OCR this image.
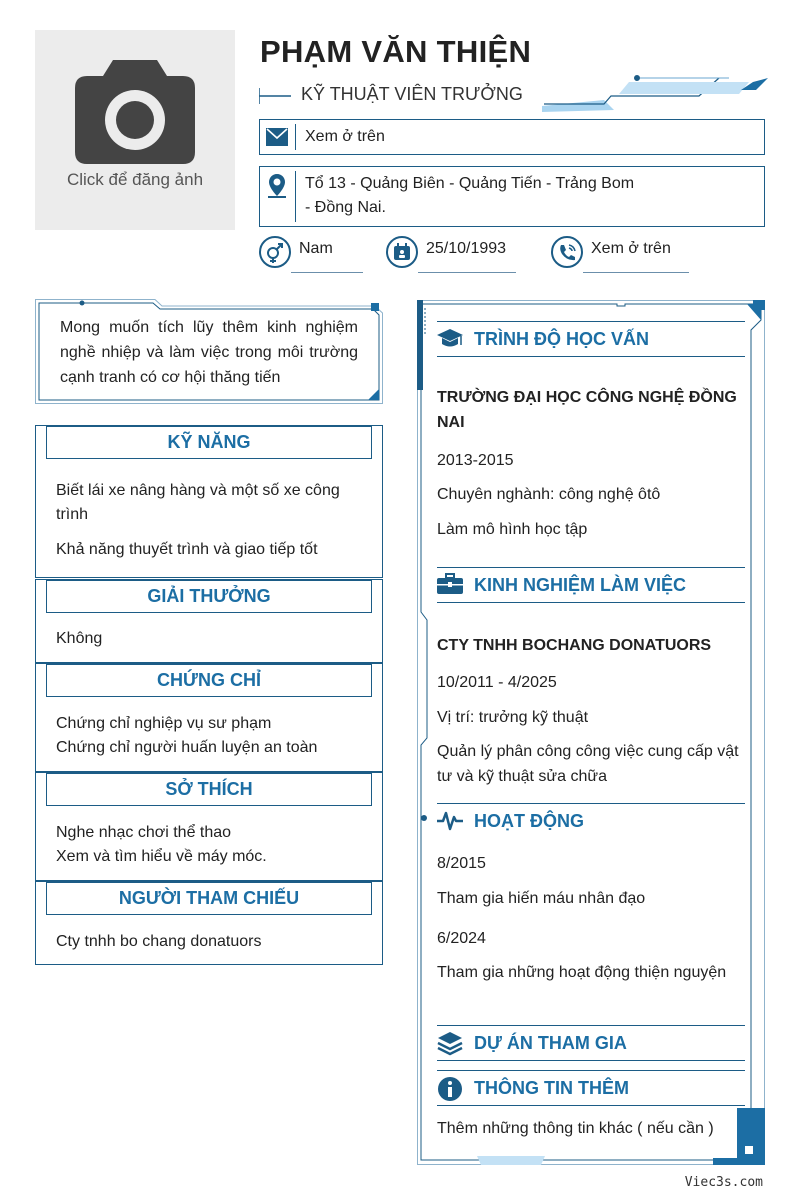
Click để đăng ảnh
PHẠM VĂN THIỆN
KỸ THUẬT VIÊN TRƯỞNG
Xem ở trên
Tổ 13 - Quảng Biên - Quảng Tiến - Trảng Bom - Đồng Nai.
Nam	25/10/1993	Xem ở trên
Mong muốn tích lũy thêm kinh nghiệm nghề nhiệp và làm việc trong môi trường cạnh tranh có cơ hội thăng tiến
KỸ NĂNG
Biết lái xe nâng hàng và một số xe công trình
Khả năng thuyết trình và giao tiếp tốt
GIẢI THƯỞNG
Không
CHỨNG CHỈ
Chứng chỉ nghiệp vụ sư phạm
Chứng chỉ người huấn luyện an toàn
SỞ THÍCH
Nghe nhạc chơi thể thao
Xem và tìm hiểu về máy móc.
NGƯỜI THAM CHIẾU
Cty tnhh bo chang donatuors
TRÌNH ĐỘ HỌC VẤN
TRƯỜNG ĐẠI HỌC CÔNG NGHỆ ĐỒNG NAI
2013-2015
Chuyên nghành: công nghệ ôtô
Làm mô hình học tập
KINH NGHIỆM LÀM VIỆC
CTY TNHH BOCHANG DONATUORS
10/2011 - 4/2025
Vị trí: trưởng kỹ thuật
Quản lý phân công công việc cung cấp vật tư và kỹ thuật sửa chữa
HOẠT ĐỘNG
8/2015
Tham gia hiến máu nhân đạo
6/2024
Tham gia những hoạt động thiện nguyện
DỰ ÁN THAM GIA
THÔNG TIN THÊM
Thêm những thông tin khác ( nếu cần )
Viec3s.com
